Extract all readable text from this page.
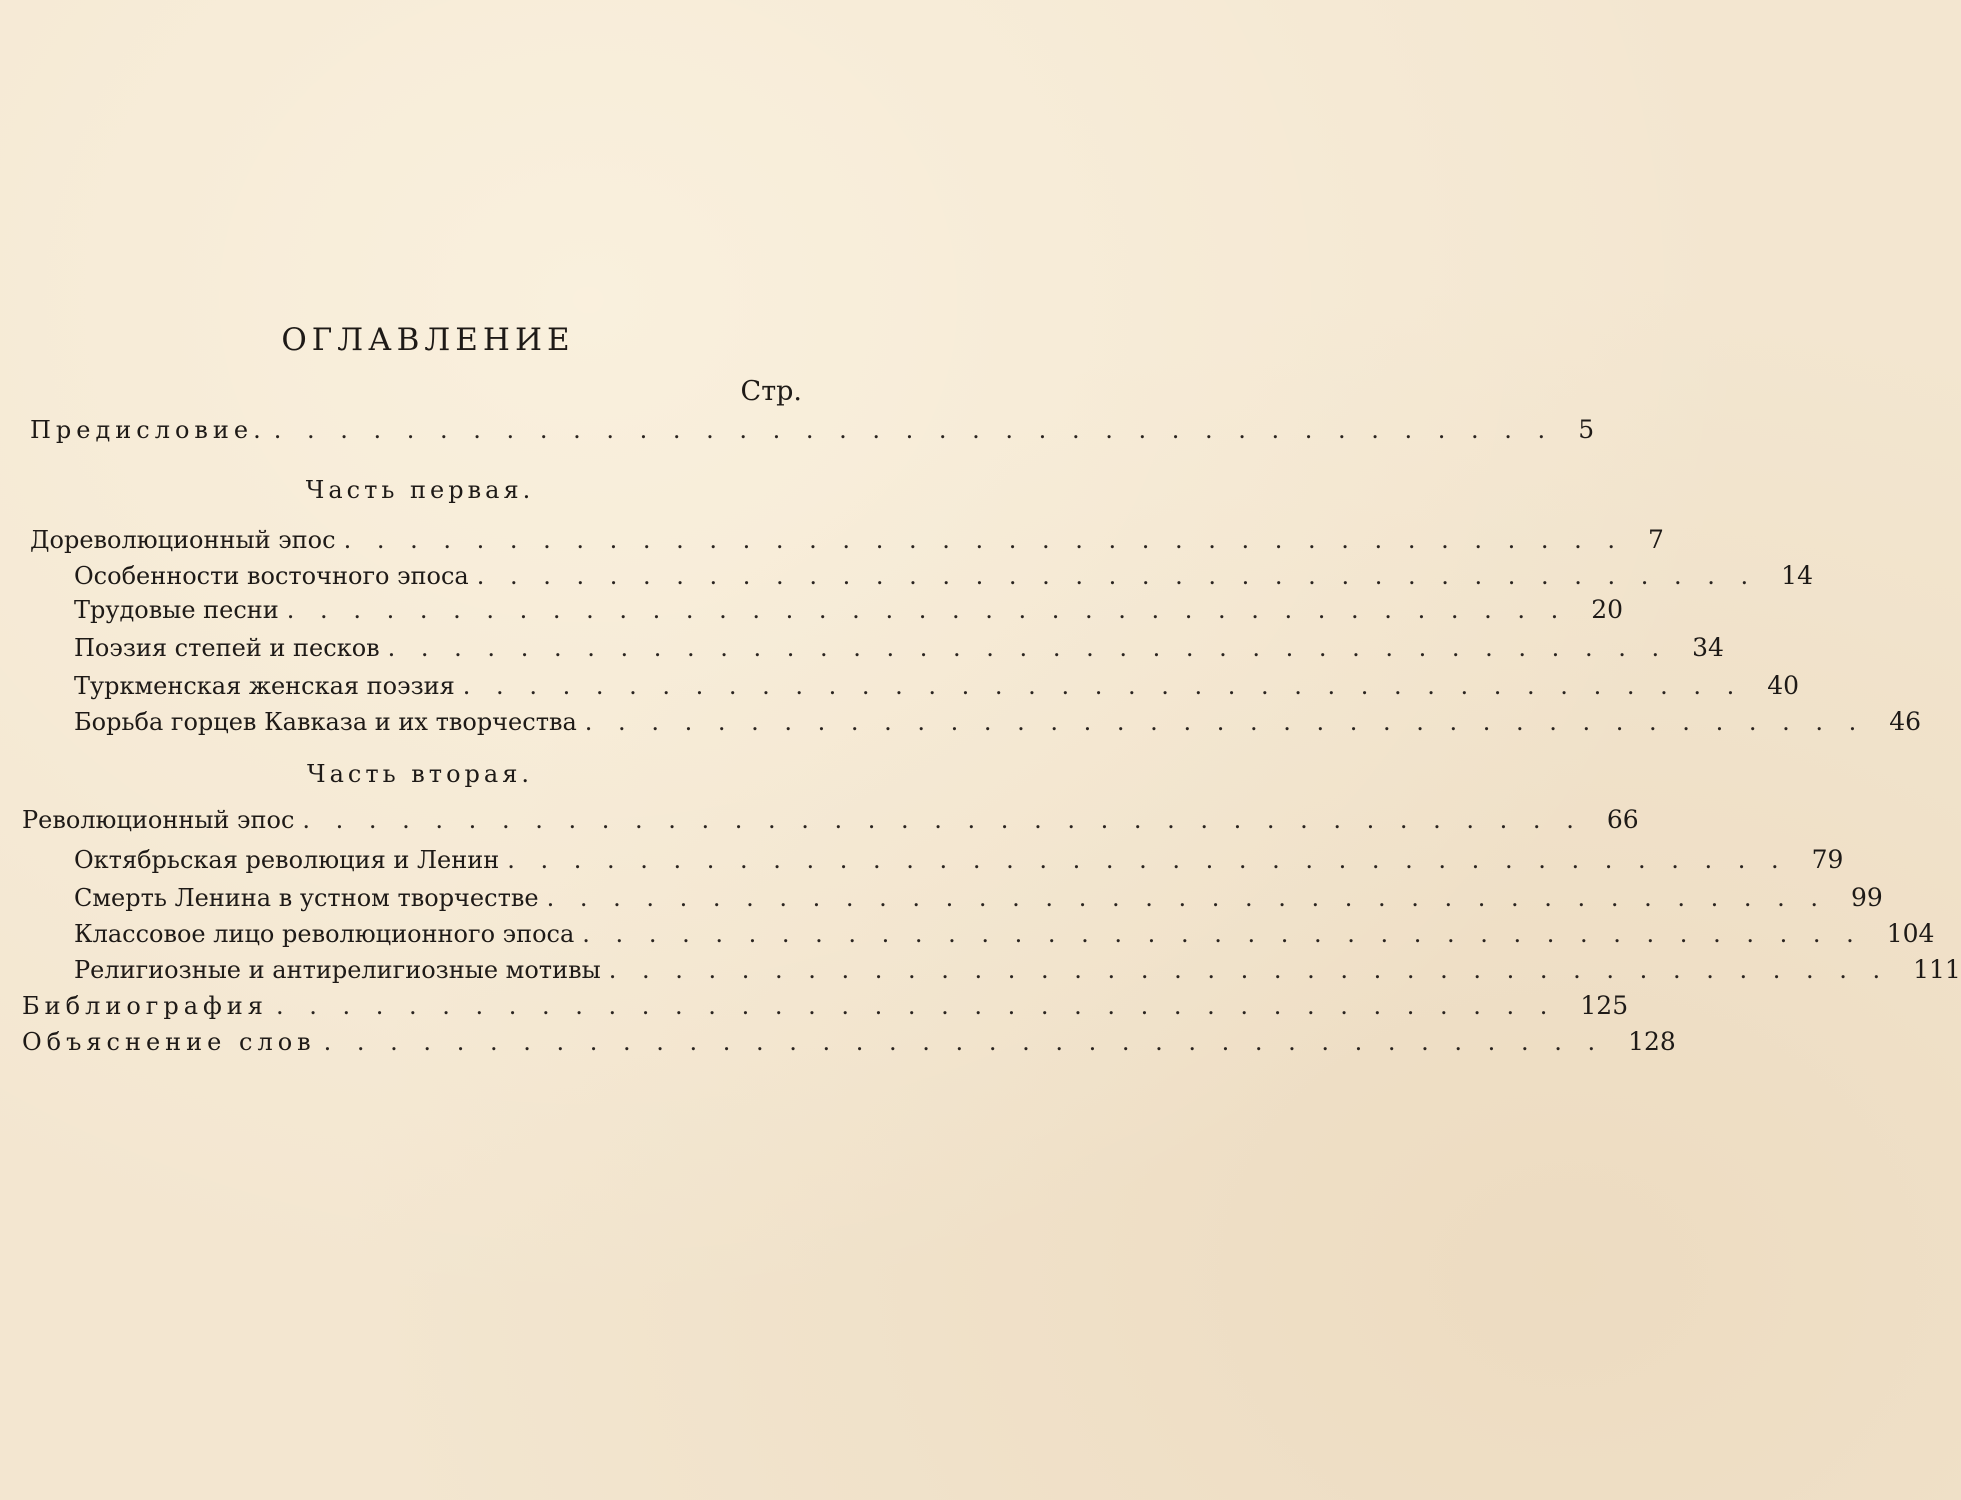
ОГЛАВЛЕНИЕ
Стр.
Предисловие. . . . . . . . . . . . . . . . . . . . . . . . . . . . . . . . . . . . . . . . 5
Часть первая.
Дореволюционный эпос . . . . . . . . . . . . . . . . . . . . . . . . . . . . . . . . . . . . . . . 7
Особенности восточного эпоса . . . . . . . . . . . . . . . . . . . . . . . . . . . . . . . . . . . . . . . 14
Трудовые песни . . . . . . . . . . . . . . . . . . . . . . . . . . . . . . . . . . . . . . . 20
Поэзия степей и песков . . . . . . . . . . . . . . . . . . . . . . . . . . . . . . . . . . . . . . . 34
Туркменская женская поэзия . . . . . . . . . . . . . . . . . . . . . . . . . . . . . . . . . . . . . . . 40
Борьба горцев Кавказа и их творчества . . . . . . . . . . . . . . . . . . . . . . . . . . . . . . . . . . . . . . . 46
Часть вторая.
Революционный эпос . . . . . . . . . . . . . . . . . . . . . . . . . . . . . . . . . . . . . . . 66
Октябрьская революция и Ленин . . . . . . . . . . . . . . . . . . . . . . . . . . . . . . . . . . . . . . . 79
Смерть Ленина в устном творчестве . . . . . . . . . . . . . . . . . . . . . . . . . . . . . . . . . . . . . . . 99
Классовое лицо революционного эпоса . . . . . . . . . . . . . . . . . . . . . . . . . . . . . . . . . . . . . . . 104
Религиозные и антирелигиозные мотивы . . . . . . . . . . . . . . . . . . . . . . . . . . . . . . . . . . . . . . . 111
Библиография . . . . . . . . . . . . . . . . . . . . . . . . . . . . . . . . . . . . . . . 125
Объяснение слов . . . . . . . . . . . . . . . . . . . . . . . . . . . . . . . . . . . . . . . 128
